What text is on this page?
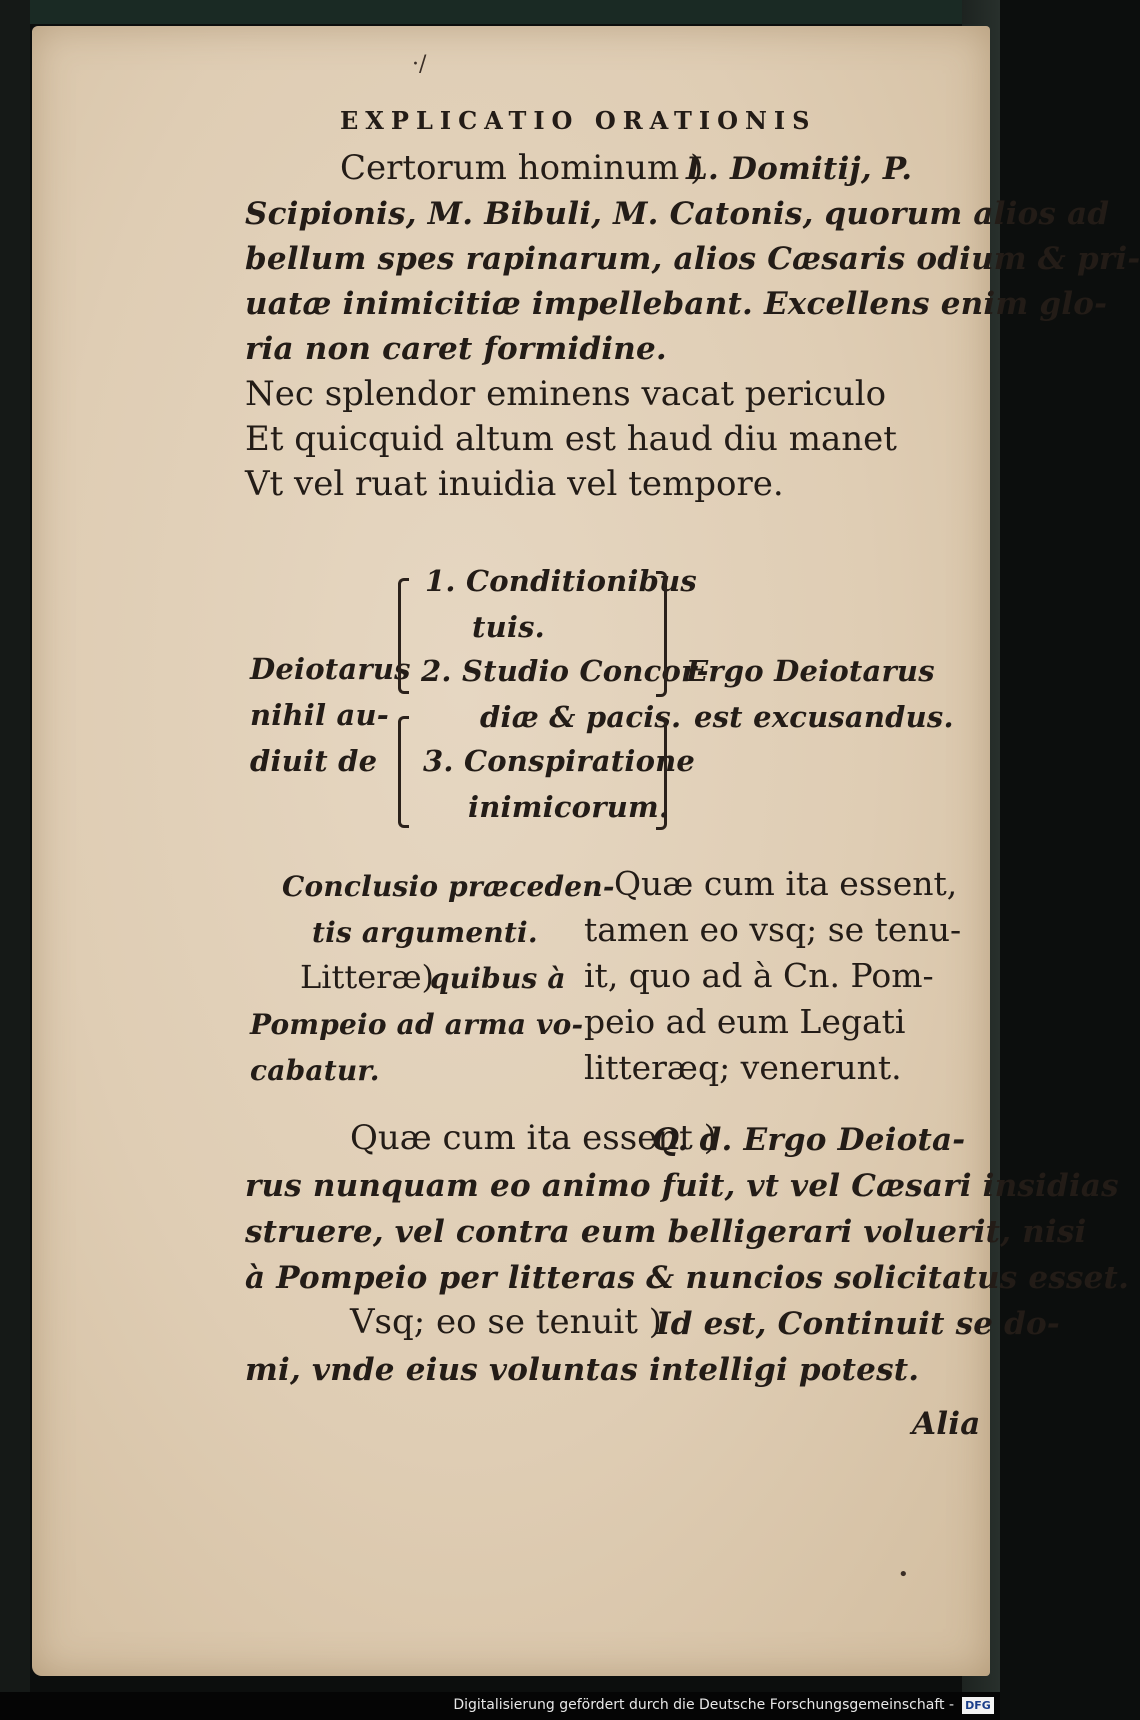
·/
EXPLICATIO ORATIONIS
Certorum hominum )
L. Domitij, P.
Scipionis, M. Bibuli, M. Catonis, quorum alios ad
bellum spes rapinarum, alios Cæsaris odium & pri-
uatæ inimicitiæ impellebant. Excellens enim glo-
ria non caret formidine.
Nec splendor eminens vacat periculo
Et quicquid altum est haud diu manet
Vt vel ruat inuidia vel tempore.
Deiotarus
nihil au-
diuit de
1. Conditionibus
tuis.
2. Studio Concor-
diæ & pacis.
3. Conspiratione
inimicorum.
Ergo Deiotarus
est excusandus.
Conclusio præceden-
tis argumenti.
Litteræ)
quibus à
Pompeio ad arma vo-
cabatur.
Quæ cum ita essent,
tamen eo vsq; se tenu-
it, quo ad à Cn. Pom-
peio ad eum Legati
litteræq; venerunt.
Quæ cum ita essent )
Q. d. Ergo Deiota-
rus nunquam eo animo fuit, vt vel Cæsari insidias
struere, vel contra eum belligerari voluerit, nisi
à Pompeio per litteras & nuncios solicitatus esset.
Vsq; eo se tenuit )
Id est, Continuit se do-
mi, vnde eius voluntas intelligi potest.
Alia
•
Digitalisierung gefördert durch die Deutsche Forschungsgemeinschaft - DFG
